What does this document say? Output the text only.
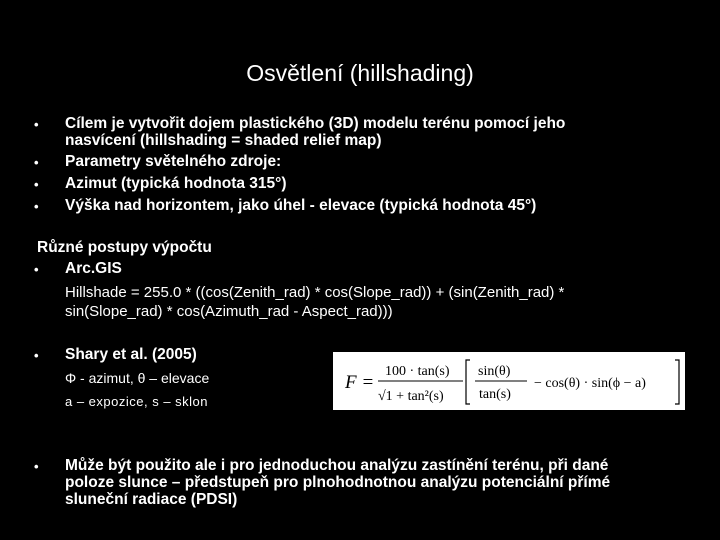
Osvětlení (hillshading)
• Cílem je vytvořit dojem plastického (3D) modelu terénu pomocí jeho
nasvícení (hillshading = shaded relief map)
• Parametry světelného zdroje:
• Azimut (typická hodnota 315°)
• Výška nad horizontem, jako úhel - elevace (typická hodnota 45°)
Různé postupy výpočtu
• Arc.GIS
Hillshade = 255.0 * ((cos(Zenith_rad) * cos(Slope_rad)) + (sin(Zenith_rad) *
sin(Slope_rad) * cos(Azimuth_rad - Aspect_rad)))
• Shary et al. (2005)
Φ - azimut, θ – elevace
a – expozice, s – sklon
F =
100 · tan(s)
√1 + tan²(s)
sin(θ)
tan(s)
− cos(θ) · sin(ϕ − a)
• Může být použito ale i pro jednoduchou analýzu zastínění terénu, při dané
poloze slunce – předstupeň pro plnohodnotnou analýzu potenciální přímé
sluneční radiace (PDSI)
